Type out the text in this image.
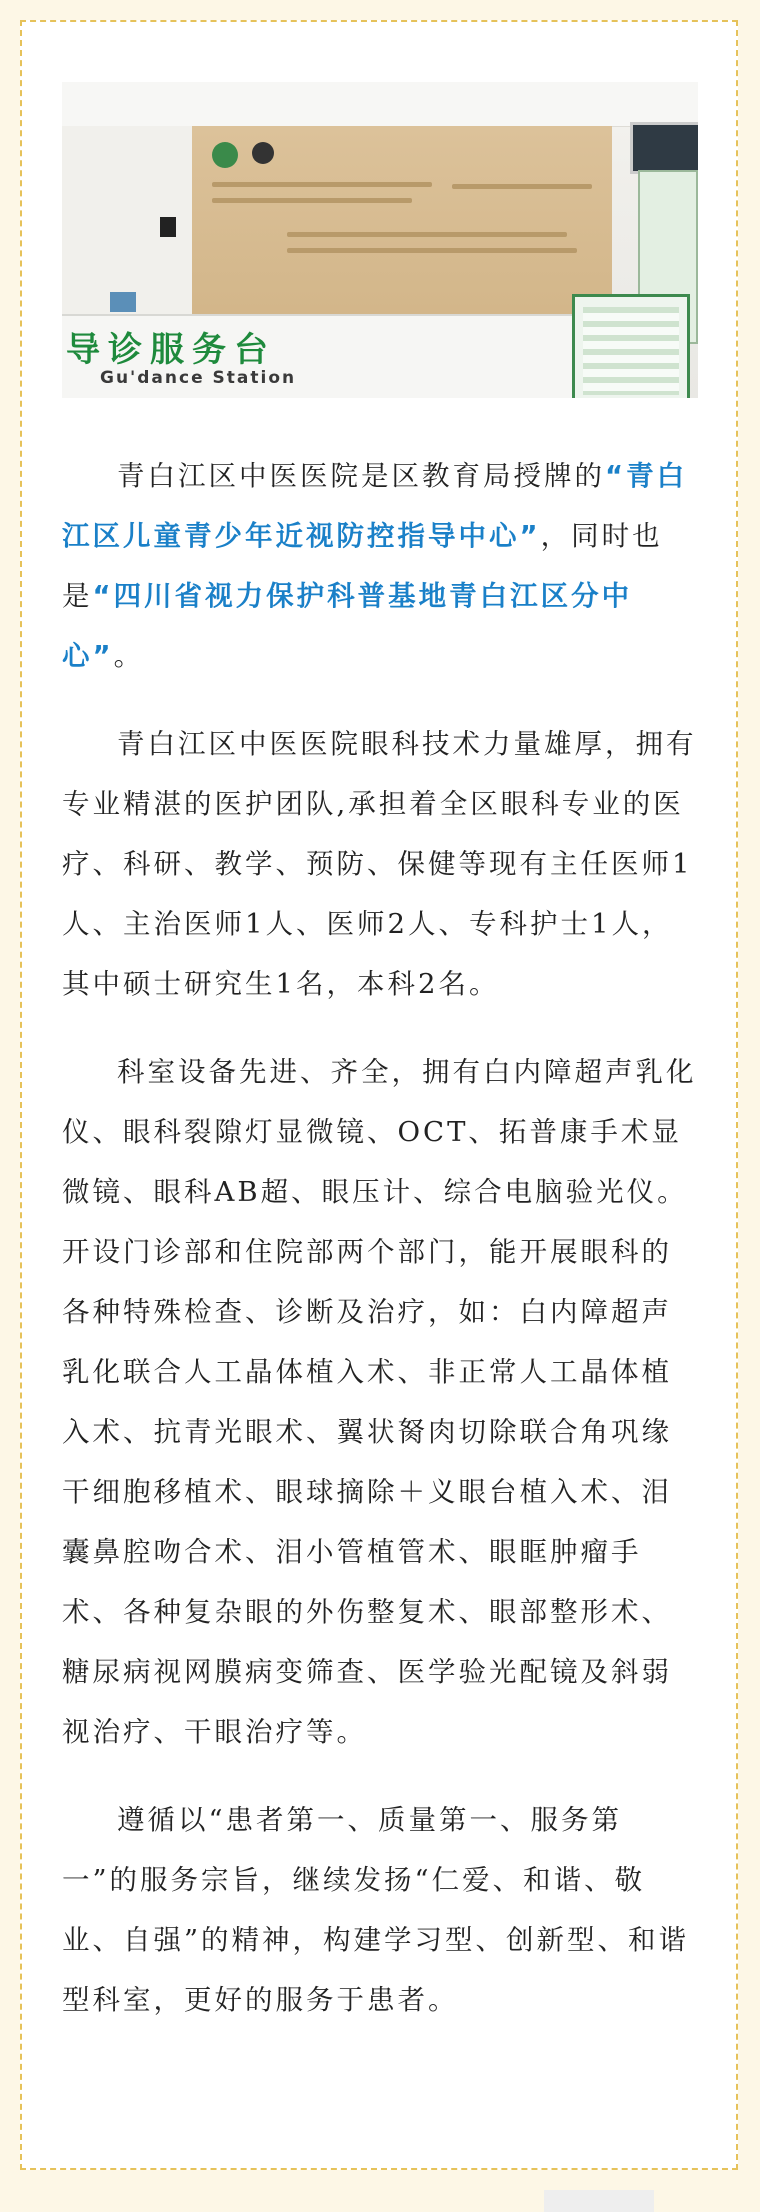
导诊服务台
Gu'dance Station

青白江区中医医院是区教育局授牌的“青白江区儿童青少年近视防控指导中心”，同时也是“四川省视力保护科普基地青白江区分中心”。

青白江区中医医院眼科技术力量雄厚，拥有专业精湛的医护团队,承担着全区眼科专业的医疗、科研、教学、预防、保健等现有主任医师1人、主治医师1人、医师2人、专科护士1人，其中硕士研究生1名，本科2名。

科室设备先进、齐全，拥有白内障超声乳化仪、眼科裂隙灯显微镜、OCT、拓普康手术显微镜、眼科AB超、眼压计、综合电脑验光仪。开设门诊部和住院部两个部门，能开展眼科的各种特殊检查、诊断及治疗，如：白内障超声乳化联合人工晶体植入术、非正常人工晶体植入术、抗青光眼术、翼状胬肉切除联合角巩缘干细胞移植术、眼球摘除＋义眼台植入术、泪囊鼻腔吻合术、泪小管植管术、眼眶肿瘤手术、各种复杂眼的外伤整复术、眼部整形术、糖尿病视网膜病变筛查、医学验光配镜及斜弱视治疗、干眼治疗等。

遵循以“患者第一、质量第一、服务第一”的服务宗旨，继续发扬“仁爱、和谐、敬业、自强”的精神，构建学习型、创新型、和谐型科室，更好的服务于患者。
